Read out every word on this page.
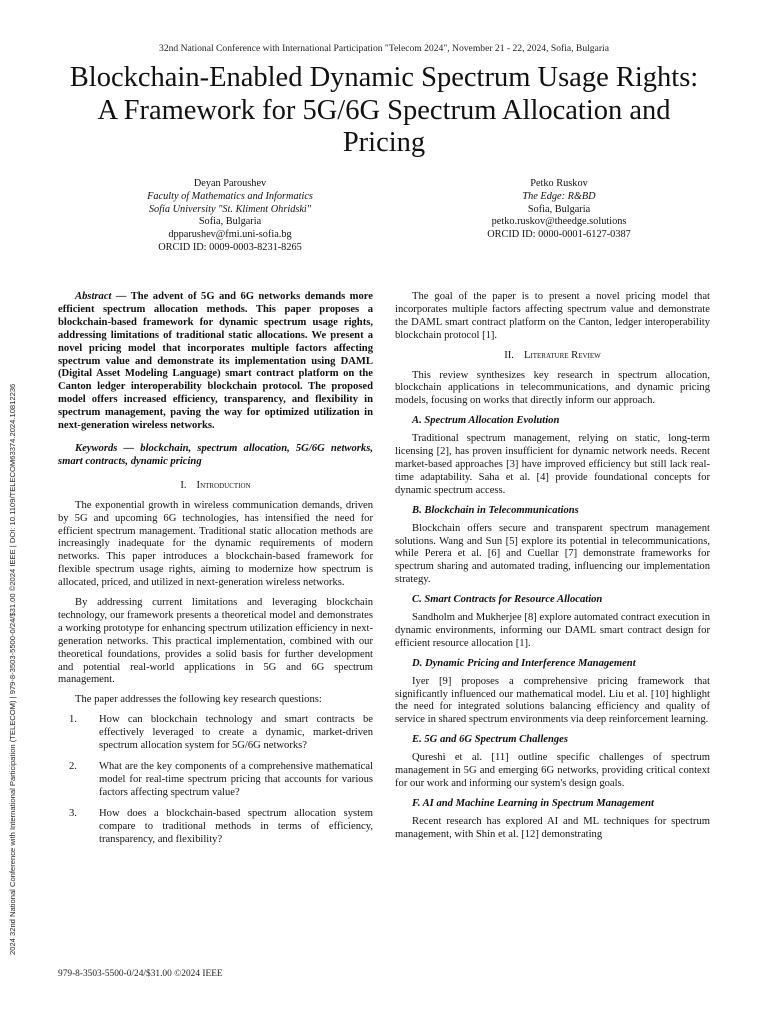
32nd National Conference with International Participation "Telecom 2024", November 21 - 22, 2024, Sofia, Bulgaria
Blockchain-Enabled Dynamic Spectrum Usage Rights: A Framework for 5G/6G Spectrum Allocation and Pricing
Deyan Paroushev
Faculty of Mathematics and Informatics
Sofia University "St. Kliment Ohridski"
Sofia, Bulgaria
dpparushev@fmi.uni-sofia.bg
ORCID ID: 0009-0003-8231-8265
Petko Ruskov
The Edge: R&BD
Sofia, Bulgaria
petko.ruskov@theedge.solutions
ORCID ID: 0000-0001-6127-0387
2024 32nd National Conference with International Participation (TELECOM) | 979-8-3503-5500-0/24/$31.00 ©2024 IEEE | DOI: 10.1109/TELECOM63374.2024.10812236

Abstract — The advent of 5G and 6G networks demands more efficient spectrum allocation methods. This paper proposes a blockchain-based framework for dynamic spectrum usage rights, addressing limitations of traditional static allocations. We present a novel pricing model that incorporates multiple factors affecting spectrum value and demonstrate its implementation using DAML (Digital Asset Modeling Language) smart contract platform on the Canton ledger interoperability blockchain protocol. The proposed model offers increased efficiency, transparency, and flexibility in spectrum management, paving the way for optimized utilization in next-generation wireless networks.

Keywords — blockchain, spectrum allocation, 5G/6G networks, smart contracts, dynamic pricing

I. Introduction

The exponential growth in wireless communication demands, driven by 5G and upcoming 6G technologies, has intensified the need for efficient spectrum management. Traditional static allocation methods are increasingly inadequate for the dynamic requirements of modern networks. This paper introduces a blockchain-based framework for flexible spectrum usage rights, aiming to modernize how spectrum is allocated, priced, and utilized in next-generation wireless networks.

By addressing current limitations and leveraging blockchain technology, our framework presents a theoretical model and demonstrates a working prototype for enhancing spectrum utilization efficiency in next-generation networks. This practical implementation, combined with our theoretical foundations, provides a solid basis for further development and potential real-world applications in 5G and 6G spectrum management.

The paper addresses the following key research questions:

1.	How can blockchain technology and smart contracts be effectively leveraged to create a dynamic, market-driven spectrum allocation system for 5G/6G networks?
2.	What are the key components of a comprehensive mathematical model for real-time spectrum pricing that accounts for various factors affecting spectrum value?
3.	How does a blockchain-based spectrum allocation system compare to traditional methods in terms of efficiency, transparency, and flexibility?

The goal of the paper is to present a novel pricing model that incorporates multiple factors affecting spectrum value and demonstrate the DAML smart contract platform on the Canton, ledger interoperability blockchain protocol [1].

II. Literature Review

This review synthesizes key research in spectrum allocation, blockchain applications in telecommunications, and dynamic pricing models, focusing on works that directly inform our approach.

A. Spectrum Allocation Evolution

Traditional spectrum management, relying on static, long-term licensing [2], has proven insufficient for dynamic network needs. Recent market-based approaches [3] have improved efficiency but still lack real-time adaptability. Saha et al. [4] provide foundational concepts for dynamic spectrum access.

B. Blockchain in Telecommunications

Blockchain offers secure and transparent spectrum management solutions. Wang and Sun [5] explore its potential in telecommunications, while Perera et al. [6] and Cuellar [7] demonstrate frameworks for spectrum sharing and automated trading, influencing our implementation strategy.

C. Smart Contracts for Resource Allocation

Sandholm and Mukherjee [8] explore automated contract execution in dynamic environments, informing our DAML smart contract design for efficient resource allocation [1].

D. Dynamic Pricing and Interference Management

Iyer [9] proposes a comprehensive pricing framework that significantly influenced our mathematical model. Liu et al. [10] highlight the need for integrated solutions balancing efficiency and quality of service in shared spectrum environments via deep reinforcement learning.

E. 5G and 6G Spectrum Challenges

Qureshi et al. [11] outline specific challenges of spectrum management in 5G and emerging 6G networks, providing critical context for our work and informing our system's design goals.

F. AI and Machine Learning in Spectrum Management

Recent research has explored AI and ML techniques for spectrum management, with Shin et al. [12] demonstrating

979-8-3503-5500-0/24/$31.00 ©2024 IEEE
